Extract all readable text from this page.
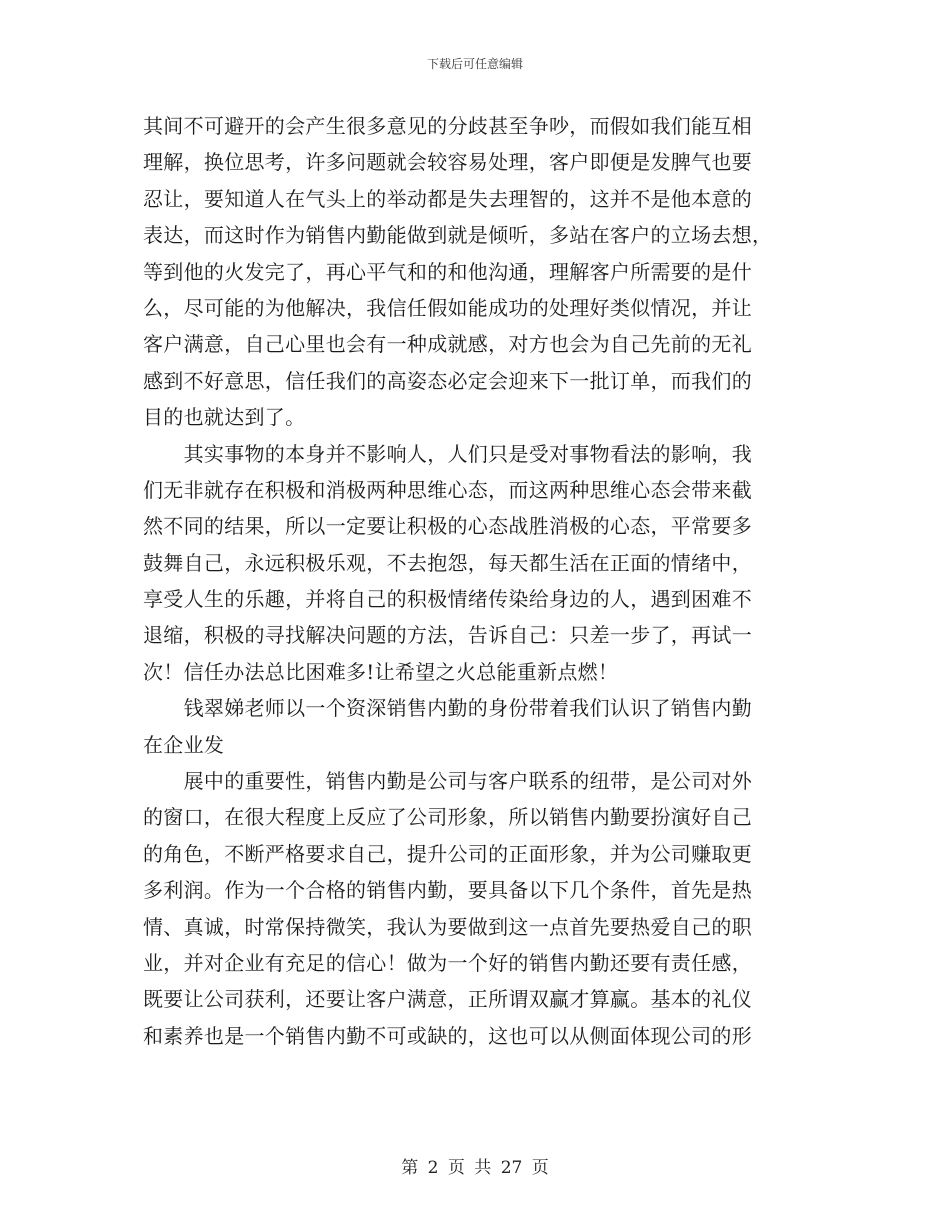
下载后可任意编辑
其间不可避开的会产生很多意见的分歧甚至争吵，而假如我们能互相
理解，换位思考，许多问题就会较容易处理，客户即便是发脾气也要
忍让，要知道人在气头上的举动都是失去理智的，这并不是他本意的
表达，而这时作为销售内勤能做到就是倾听，多站在客户的立场去想，
等到他的火发完了，再心平气和的和他沟通，理解客户所需要的是什
么，尽可能的为他解决，我信任假如能成功的处理好类似情况，并让
客户满意，自己心里也会有一种成就感，对方也会为自己先前的无礼
感到不好意思，信任我们的高姿态必定会迎来下一批订单，而我们的
目的也就达到了。
　　其实事物的本身并不影响人，人们只是受对事物看法的影响，我
们无非就存在积极和消极两种思维心态，而这两种思维心态会带来截
然不同的结果，所以一定要让积极的心态战胜消极的心态，平常要多
鼓舞自己，永远积极乐观，不去抱怨，每天都生活在正面的情绪中，
享受人生的乐趣，并将自己的积极情绪传染给身边的人，遇到困难不
退缩，积极的寻找解决问题的方法，告诉自己：只差一步了，再试一
次！信任办法总比困难多!让希望之火总能重新点燃！
　　钱翠娣老师以一个资深销售内勤的身份带着我们认识了销售内勤
在企业发
　　展中的重要性，销售内勤是公司与客户联系的纽带，是公司对外
的窗口，在很大程度上反应了公司形象，所以销售内勤要扮演好自己
的角色，不断严格要求自己，提升公司的正面形象，并为公司赚取更
多利润。作为一个合格的销售内勤，要具备以下几个条件，首先是热
情、真诚，时常保持微笑，我认为要做到这一点首先要热爱自己的职
业，并对企业有充足的信心！做为一个好的销售内勤还要有责任感，
既要让公司获利，还要让客户满意，正所谓双赢才算赢。基本的礼仪
和素养也是一个销售内勤不可或缺的，这也可以从侧面体现公司的形
第 2 页 共 27 页
